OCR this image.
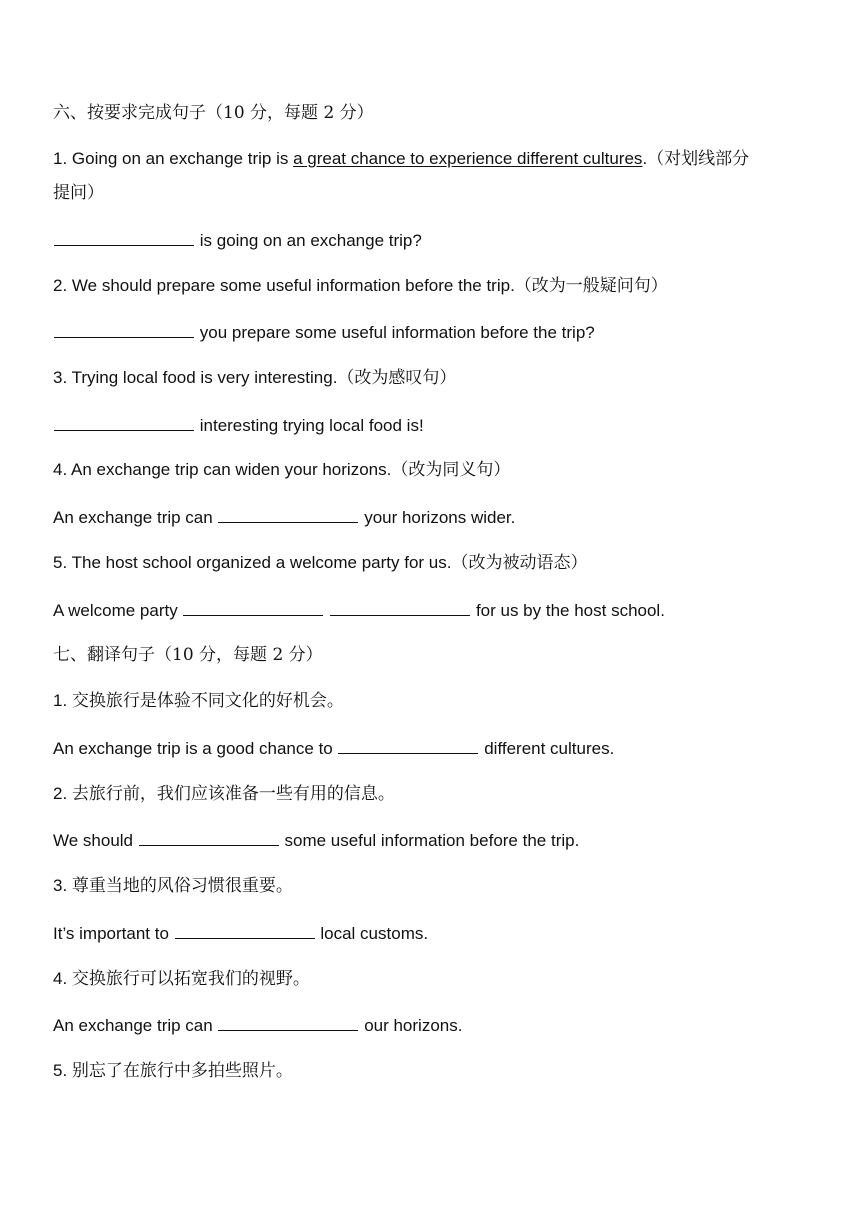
六、按要求完成句子（10 分，每题 2 分）
1. Going on an exchange trip is a great chance to experience different cultures.（对划线部分
提问）
is going on an exchange trip?
2. We should prepare some useful information before the trip.（改为一般疑问句）
you prepare some useful information before the trip?
3. Trying local food is very interesting.（改为感叹句）
interesting trying local food is!
4. An exchange trip can widen your horizons.（改为同义句）
An exchange trip can	your horizons wider.
5. The host school organized a welcome party for us.（改为被动语态）
A welcome party	for us by the host school.
七、翻译句子（10 分，每题 2 分）
1. 交换旅行是体验不同文化的好机会。
An exchange trip is a good chance to	different cultures.
2. 去旅行前，我们应该准备一些有用的信息。
We should	some useful information before the trip.
3. 尊重当地的风俗习惯很重要。
It’s important to	local customs.
4. 交换旅行可以拓宽我们的视野。
An exchange trip can	our horizons.
5. 别忘了在旅行中多拍些照片。
